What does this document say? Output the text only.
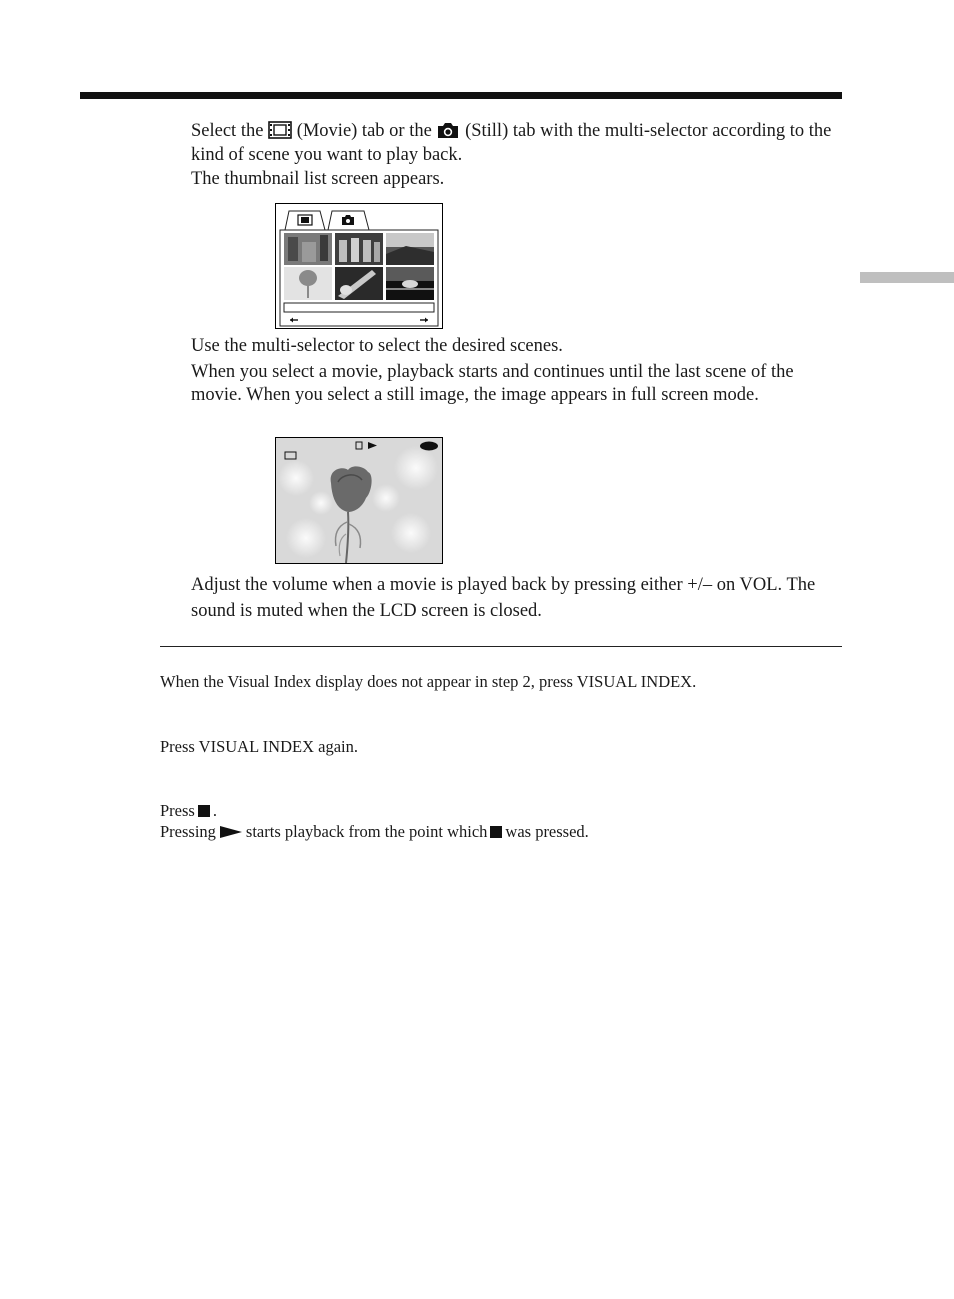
Select the (Movie) tab or the (Still) tab with the multi-selector according to the kind of scene you want to play back.

The thumbnail list screen appears.

Use the multi-selector to select the desired scenes.

When you select a movie, playback starts and continues until the last scene of the movie. When you select a still image, the image appears in full screen mode.

Adjust the volume when a movie is played back by pressing either +/– on VOL. The sound is muted when the LCD screen is closed.

When the Visual Index display does not appear in step 2, press VISUAL INDEX.

Press VISUAL INDEX again.

Press .

Pressing starts playback from the point which was pressed.
